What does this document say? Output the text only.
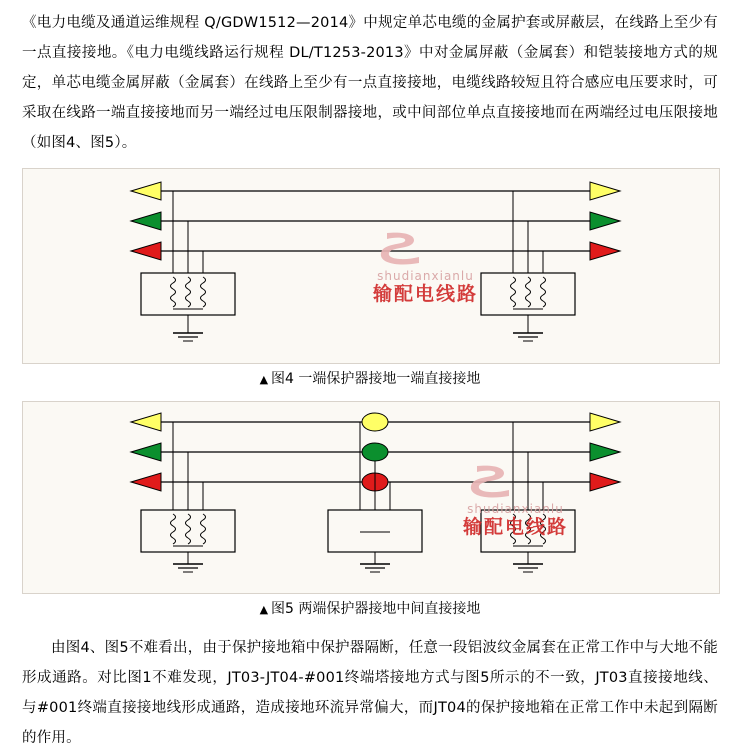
《电力电缆及通道运维规程 Q/GDW1512—2014》中规定单芯电缆的金属护套或屏蔽层，在线路上至少有一点直接接地。《电力电缆线路运行规程 DL/T1253-2013》中对金属屏蔽（金属套）和铠装接地方式的规定，单芯电缆金属屏蔽（金属套）在线路上至少有一点直接接地，电缆线路较短且符合感应电压要求时，可采取在线路一端直接接地而另一端经过电压限制器接地，或中间部位单点直接接地而在两端经过电压限接地（如图4、图5）。

shudianxianlu
输配电线路

▲ 图4 一端保护器接地一端直接接地

shudianxianlu
输配电线路

▲ 图5 两端保护器接地中间直接接地

由图4、图5不难看出，由于保护接地箱中保护器隔断，任意一段铝波纹金属套在正常工作中与大地不能形成通路。对比图1不难发现，JT03-JT04-#001终端塔接地方式与图5所示的不一致，JT03直接接地线、与#001终端直接接地线形成通路，造成接地环流异常偏大，而JT04的保护接地箱在正常工作中未起到隔断的作用。
